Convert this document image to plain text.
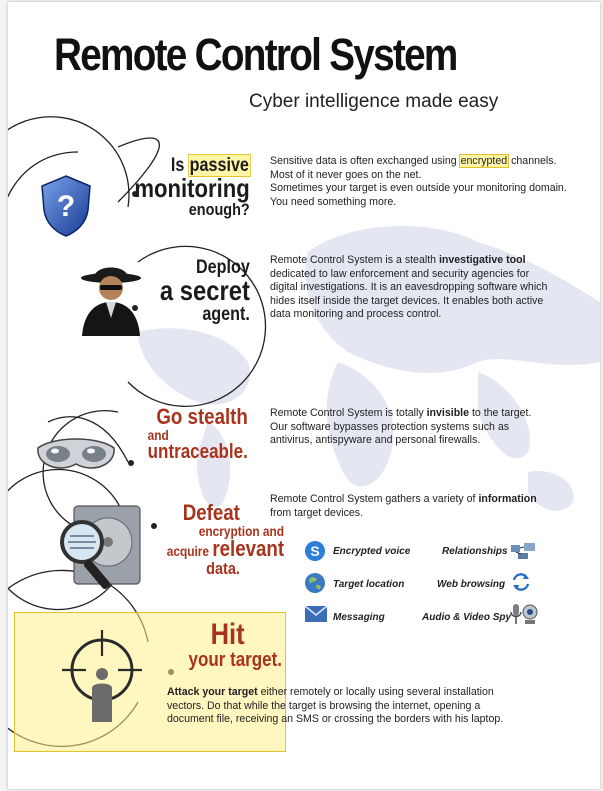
Remote Control System
Cyber intelligence made easy
?
Is passive
monitoring
enough?
Sensitive data is often exchanged using encrypted channels.
Most of it never goes on the net.
Sometimes your target is even outside your monitoring domain.
You need something more.
Deploy
a secret
agent.
Remote Control System is a stealth investigative tool dedicated to law enforcement and security agencies for digital investigations. It is an eavesdropping software which hides itself inside the target devices. It enables both active data monitoring and process control.
Go stealth
and
untraceable.
Remote Control System is totally invisible to the target. Our software bypasses protection systems such as antivirus, antispyware and personal firewalls.
Defeat
encryption and
acquire relevant
data.
Remote Control System gathers a variety of information from target devices.
S Encrypted voice	Relationships
Target location	Web browsing
Messaging	Audio & Video Spy
Hit
your target.
Attack your target either remotely or locally using several installation vectors. Do that while the target is browsing the internet, opening a document file, receiving an SMS or crossing the borders with his laptop.
